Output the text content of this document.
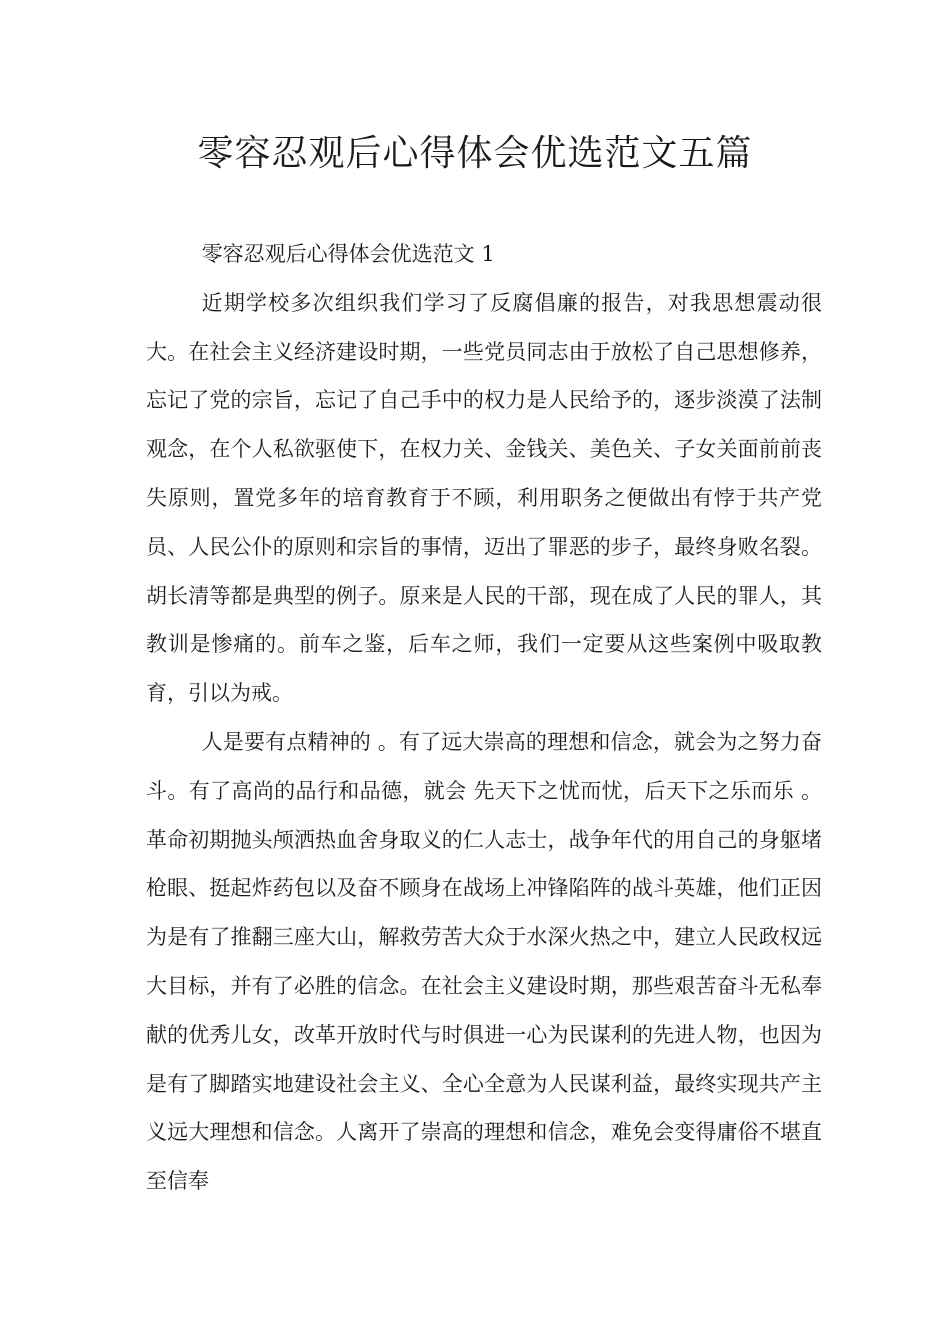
零容忍观后心得体会优选范文五篇

零容忍观后心得体会优选范文 1

近期学校多次组织我们学习了反腐倡廉的报告，对我思想震动很大。在社会主义经济建设时期，一些党员同志由于放松了自己思想修养，忘记了党的宗旨，忘记了自己手中的权力是人民给予的，逐步淡漠了法制观念，在个人私欲驱使下，在权力关、金钱关、美色关、子女关面前前丧失原则，置党多年的培育教育于不顾，利用职务之便做出有悖于共产党员、人民公仆的原则和宗旨的事情，迈出了罪恶的步子，最终身败名裂。胡长清等都是典型的例子。原来是人民的干部，现在成了人民的罪人，其教训是惨痛的。前车之鉴，后车之师，我们一定要从这些案例中吸取教育，引以为戒。

人是要有点精神的 。有了远大崇高的理想和信念，就会为之努力奋斗。有了高尚的品行和品德，就会 先天下之忧而忧，后天下之乐而乐 。革命初期抛头颅洒热血舍身取义的仁人志士，战争年代的用自己的身躯堵枪眼、挺起炸药包以及奋不顾身在战场上冲锋陷阵的战斗英雄，他们正因为是有了推翻三座大山，解救劳苦大众于水深火热之中，建立人民政权远大目标，并有了必胜的信念。在社会主义建设时期，那些艰苦奋斗无私奉献的优秀儿女，改革开放时代与时俱进一心为民谋利的先进人物，也因为是有了脚踏实地建设社会主义、全心全意为人民谋利益，最终实现共产主义远大理想和信念。人离开了崇高的理想和信念，难免会变得庸俗不堪直至信奉
